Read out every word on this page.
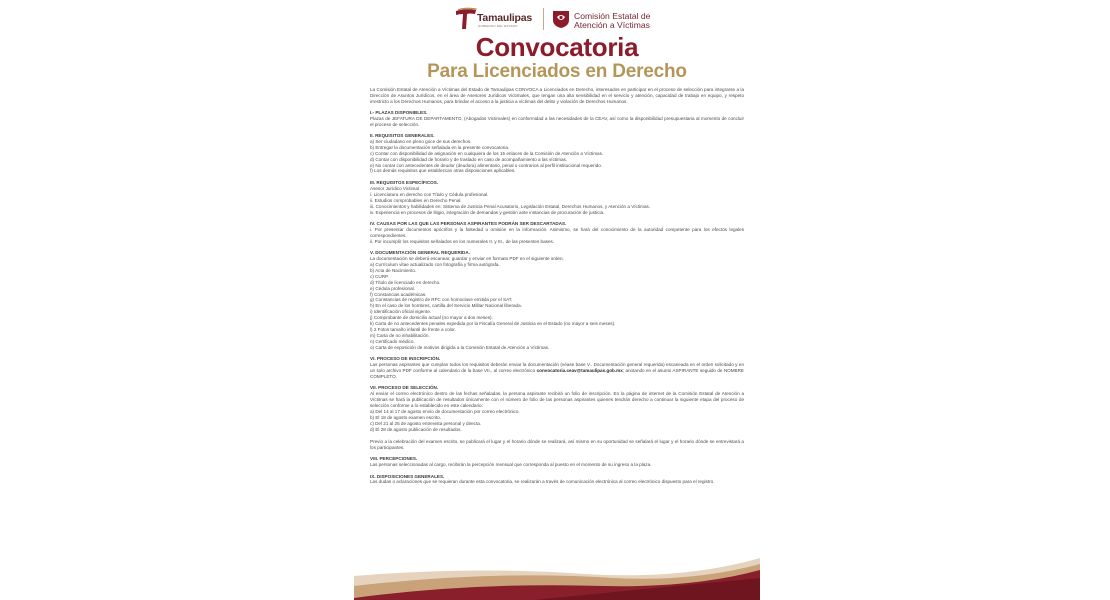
Tamaulipas
GOBIERNO DEL ESTADO
Comisión Estatal de
Atención a Víctimas
Convocatoria
Para Licenciados en Derecho

La Comisión Estatal de Atención a Víctimas del Estado de Tamaulipas CONVOCA a Licenciados en Derecho, interesados en participar en el proceso de selección para integrarse a la Dirección de Asuntos Jurídicos, en el área de Asesores Jurídicos Victimales, que tengan una alta sensibilidad en el servicio y atención, capacidad de trabajo en equipo, y respeto irrestricto a los Derechos Humanos, para brindar el acceso a la justicia a víctimas del delito y violación de Derechos Humanos.

I.- PLAZAS DISPONIBLES.

Plazas de JEFATURA DE DEPARTAMENTO, (Abogados Victimales) en conformidad a las necesidades de la CEAV, así como la disponibilidad presupuestaria al momento de concluir el proceso de selección.

II. REQUISITOS GENERALES.

a) Ser ciudadano en pleno goce de sus derechos.
b) Entregar la documentación señalada en la presente convocatoria.
c) Contar con disponibilidad de asignación en cualquiera de los 15 enlaces de la Comisión de Atención a Víctimas.
d) Contar con disponibilidad de horario y de traslado en caso de acompañamiento a las víctimas.
e) No contar con antecedentes de deudor (deudora) alimentario, penal o contrarios al perfil institucional requerido.
f) Los demás requisitos que establezcan otras disposiciones aplicables.

III. REQUISITOS ESPECÍFICOS.

Asesor Jurídico Victimal
i. Licenciatura en derecho con Título y Cédula profesional.
ii. Estudios comprobables en Derecho Penal.
iii. Conocimientos y habilidades en: Sistema de Justicia Penal Acusatorio, Legislación Estatal, Derechos Humanos, y Atención a Víctimas.
iv. Experiencia en procesos de litigio, integración de demandas y gestión ante instancias de procuración de justicia.

IV. CAUSAS POR LAS QUE LAS PERSONAS ASPIRANTES PODRÁN SER DESCARTADAS.

i. Por presentar documentos apócrifos y la falsedad u omisión en la información. Asimismo, se hará del conocimiento de la autoridad competente para los efectos legales correspondientes.

ii. Por incumplir los requisitos señalados en los numerales II. y III., de las presentes bases.

V. DOCUMENTACIÓN GENERAL REQUERIDA.

La documentación se deberá escanear, guardar y enviar en formato PDF en el siguiente orden.
a) Currículum vitae actualizado con fotografía y firma autógrafa.
b) Acta de Nacimiento.
c) CURP.
d) Título de licenciado en derecho.
e) Cédula profesional.
f) Constancias académicas.
g) Constancias de registro de RFC con homoclave emitida por el SAT.
h) En el caso de los hombres, cartilla del Servicio Militar Nacional liberada.
i) Identificación oficial vigente.
j) Comprobante de domicilio actual (no mayor a dos meses).
k) Carta de no antecedentes penales expedida por la Fiscalía General de Justicia en el Estado (no mayor a seis meses).
l) 2 Fotos tamaño infantil de frente a color.
m) Carta de no inhabilitación.
n) Certificado médico.
o) Carta de exposición de motivos dirigida a la Comisión Estatal de Atención a Víctimas.

VI. PROCESO DE INSCRIPCIÓN.

Las personas aspirantes que cumplan todos los requisitos deberán enviar la documentación (véase base V.. Documentación general requerida) escaneada en el orden solicitado y en un solo archivo PDF conforme al calendario de la base VII., al correo electrónico convocatoria.ceav@tamaulipas.gob.mx; anotando en el asunto ASPIRANTE seguido de NOMBRE COMPLETO.

VII. PROCESO DE SELECCIÓN.

Al enviar el correo electrónico dentro de las fechas señaladas, la persona aspirante recibirá un folio de inscripción. En la página de internet de la Comisión Estatal de Atención a Víctimas se hará la publicación de resultados únicamente con el número de folio de las personas aspirantes quienes tendrán derecho a continuar la siguiente etapa del proceso de selección conforme a lo establecido en este calendario:

a) Del 14 al 17 de agosto envío de documentación por correo electrónico.
b) El 18 de agosto examen escrito.
c) Del 21 al 25 de agosto entrevista personal y directa.
d) El 28 de agosto publicación de resultados.

Previo a la celebración del examen escrito, se publicará el lugar y el horario dónde se realizará, así mismo en su oportunidad se señalará el lugar y el horario dónde se entrevistará a los participantes.

VIII. PERCEPCIONES.

Las personas seleccionadas al cargo, recibirán la percepción mensual que corresponda al puesto en el momento de su ingreso a la plaza.

IX. DISPOSICIONES GENERALES.

Las dudas o aclaraciones que se requieran durante esta convocatoria, se realizarán a través de comunicación electrónica al correo electrónico dispuesto para el registro.
